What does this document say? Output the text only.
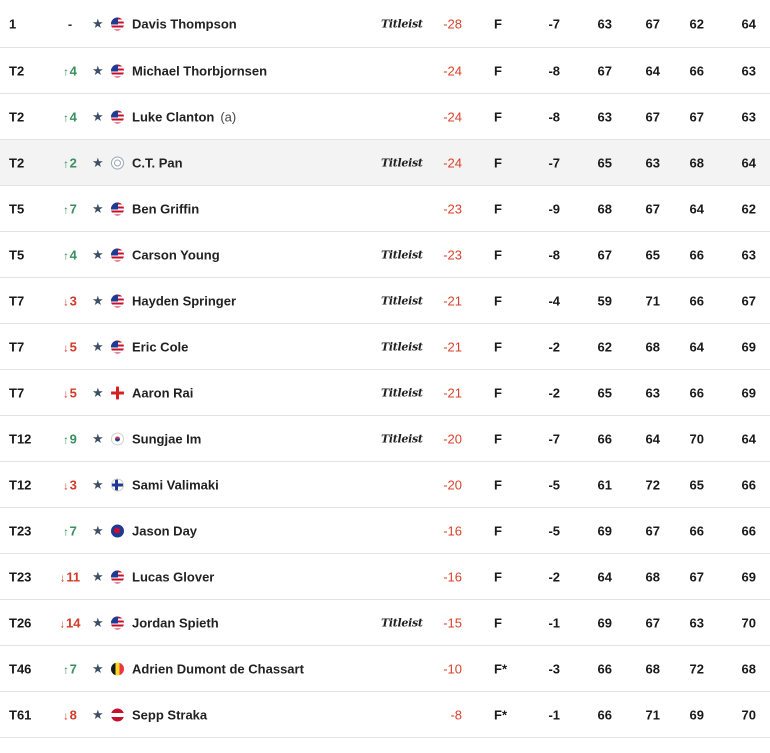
1	-	★ Davis Thompson	Titleist	-28 F	-7	63	67	62	64
T2	↑4	★ Michael Thorbjornsen	-24 F	-8	67	64	66	63
T2	↑4	★ Luke Clanton (a)	-24 F	-8	63	67	67	63
T2	↑2	★ C.T. Pan	Titleist	-24 F	-7	65	63	68	64
T5	↑7	★ Ben Griffin	-23 F	-9	68	67	64	62
T5	↑4	★ Carson Young	Titleist	-23 F	-8	67	65	66	63
T7	↓3	★ Hayden Springer	Titleist	-21 F	-4	59	71	66	67
T7	↓5	★ Eric Cole	Titleist	-21 F	-2	62	68	64	69
T7	↓5	★ Aaron Rai	Titleist	-21 F	-2	65	63	66	69
T12	↑9	★ Sungjae Im	Titleist	-20 F	-7	66	64	70	64
T12	↓3	★ Sami Valimaki	-20 F	-5	61	72	65	66
T23	↑7	★ Jason Day	-16 F	-5	69	67	66	66
T23	↓11 ★ Lucas Glover	-16 F	-2	64	68	67	69
T26	↓14 ★ Jordan Spieth	Titleist	-15 F	-1	69	67	63	70
T46	↑7	★ Adrien Dumont de Chassart	-10 F*	-3	66	68	72	68
T61	↓8	★ Sepp Straka	-8 F*	-1	66	71	69	70
